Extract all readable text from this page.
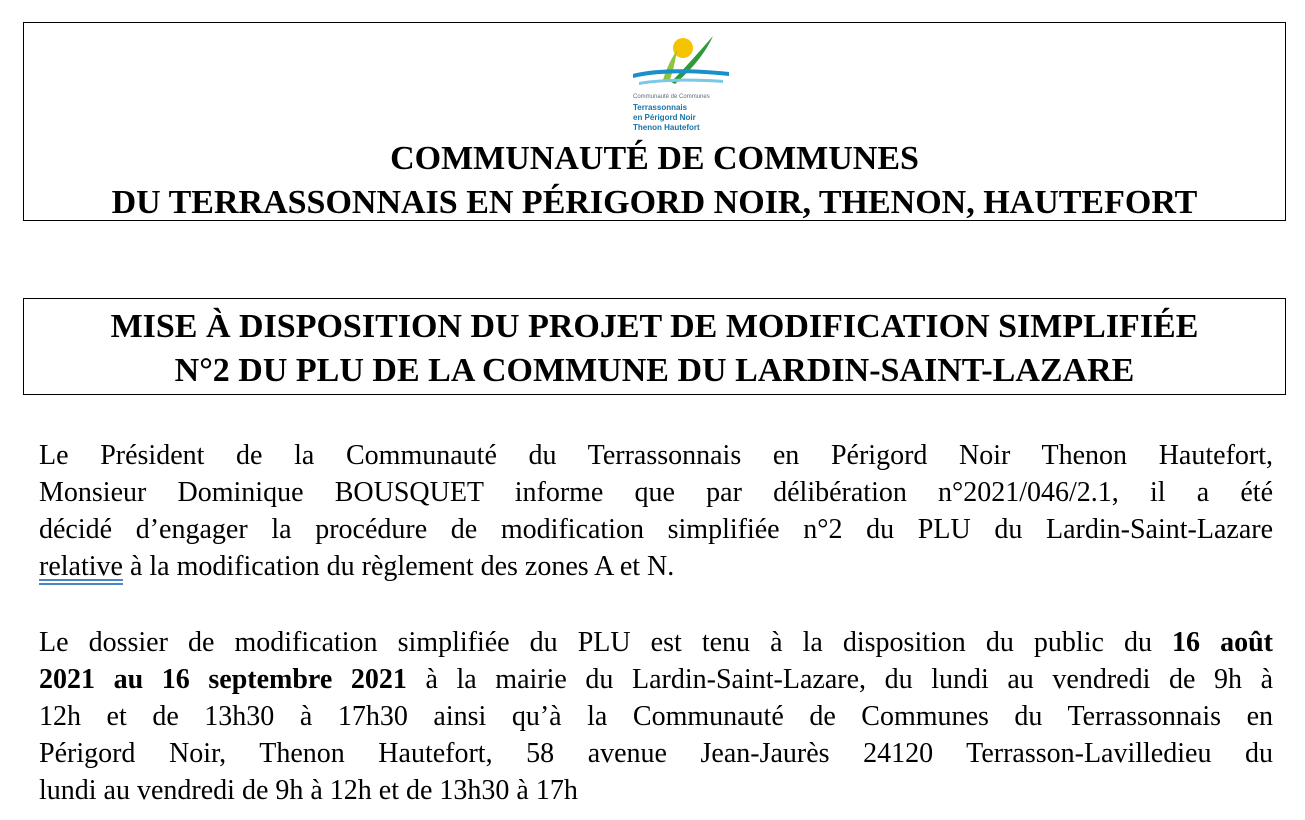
Communauté de Communes
Terrassonnais
en Périgord Noir
Thenon Hautefort
COMMUNAUTÉ DE COMMUNES
DU TERRASSONNAIS EN PÉRIGORD NOIR, THENON, HAUTEFORT
MISE À DISPOSITION DU PROJET DE MODIFICATION SIMPLIFIÉE
N°2 DU PLU DE LA COMMUNE DU LARDIN-SAINT-LAZARE
Le Président de la Communauté du Terrassonnais en Périgord Noir Thenon Hautefort,
Monsieur Dominique BOUSQUET informe que par délibération n°2021/046/2.1, il a été
décidé d’engager la procédure de modification simplifiée n°2 du PLU du Lardin-Saint-Lazare
relative à la modification du règlement des zones A et N.
Le dossier de modification simplifiée du PLU est tenu à la disposition du public du 16 août
2021 au 16 septembre 2021 à la mairie du Lardin-Saint-Lazare, du lundi au vendredi de 9h à
12h et de 13h30 à 17h30 ainsi qu’à la Communauté de Communes du Terrassonnais en
Périgord Noir, Thenon Hautefort, 58 avenue Jean-Jaurès 24120 Terrasson-Lavilledieu du
lundi au vendredi de 9h à 12h et de 13h30 à 17h
